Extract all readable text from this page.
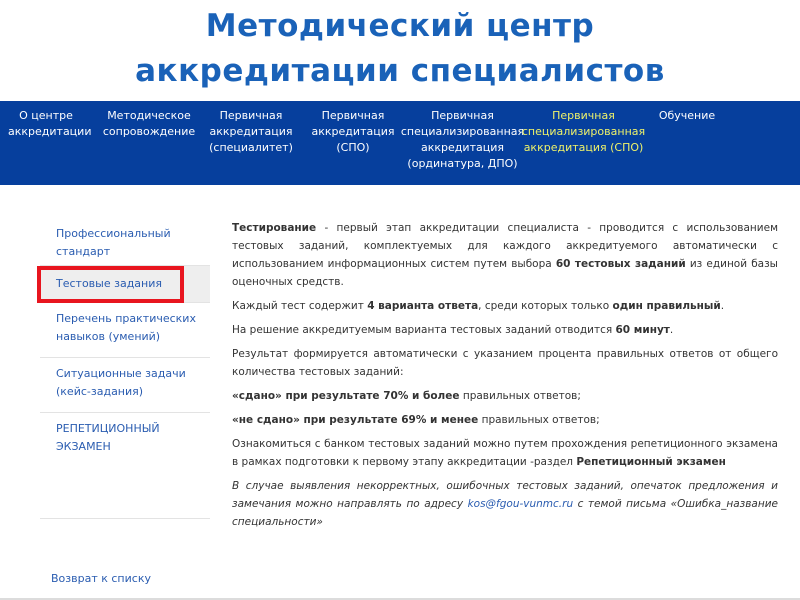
Методический центр
аккредитации специалистов
О центре
аккредитации
Методическое
сопровождение
Первичная
аккредитация
(специалитет)
Первичная
аккредитация
(СПО)
Первичная
специализированная
аккредитация
(ординатура, ДПО)
Первичная
специализированная
аккредитация (СПО)
Обучение
Профессиональный
стандарт
Тестовые задания
Перечень практических
навыков (умений)
Ситуационные задачи
(кейс-задания)
РЕПЕТИЦИОННЫЙ
ЭКЗАМЕН

Тестирование - первый этап аккредитации специалиста - проводится с использованием тестовых заданий, комплектуемых для каждого аккредитуемого автоматически с использованием информационных систем путем выбора 60 тестовых заданий из единой базы оценочных средств.

Каждый тест содержит 4 варианта ответа, среди которых только один правильный.

На решение аккредитуемым варианта тестовых заданий отводится 60 минут.

Результат формируется автоматически с указанием процента правильных ответов от общего количества тестовых заданий:

«сдано» при результате 70% и более правильных ответов;

«не сдано» при результате 69% и менее правильных ответов;

Ознакомиться с банком тестовых заданий можно путем прохождения репетиционного экзамена в рамках подготовки к первому этапу аккредитации -раздел Репетиционный экзамен

В случае выявления некорректных, ошибочных тестовых заданий, опечаток предложения и замечания можно направлять по адресу kos@fgou-vunmc.ru с темой письма «Ошибка_название специальности»

Возврат к списку
